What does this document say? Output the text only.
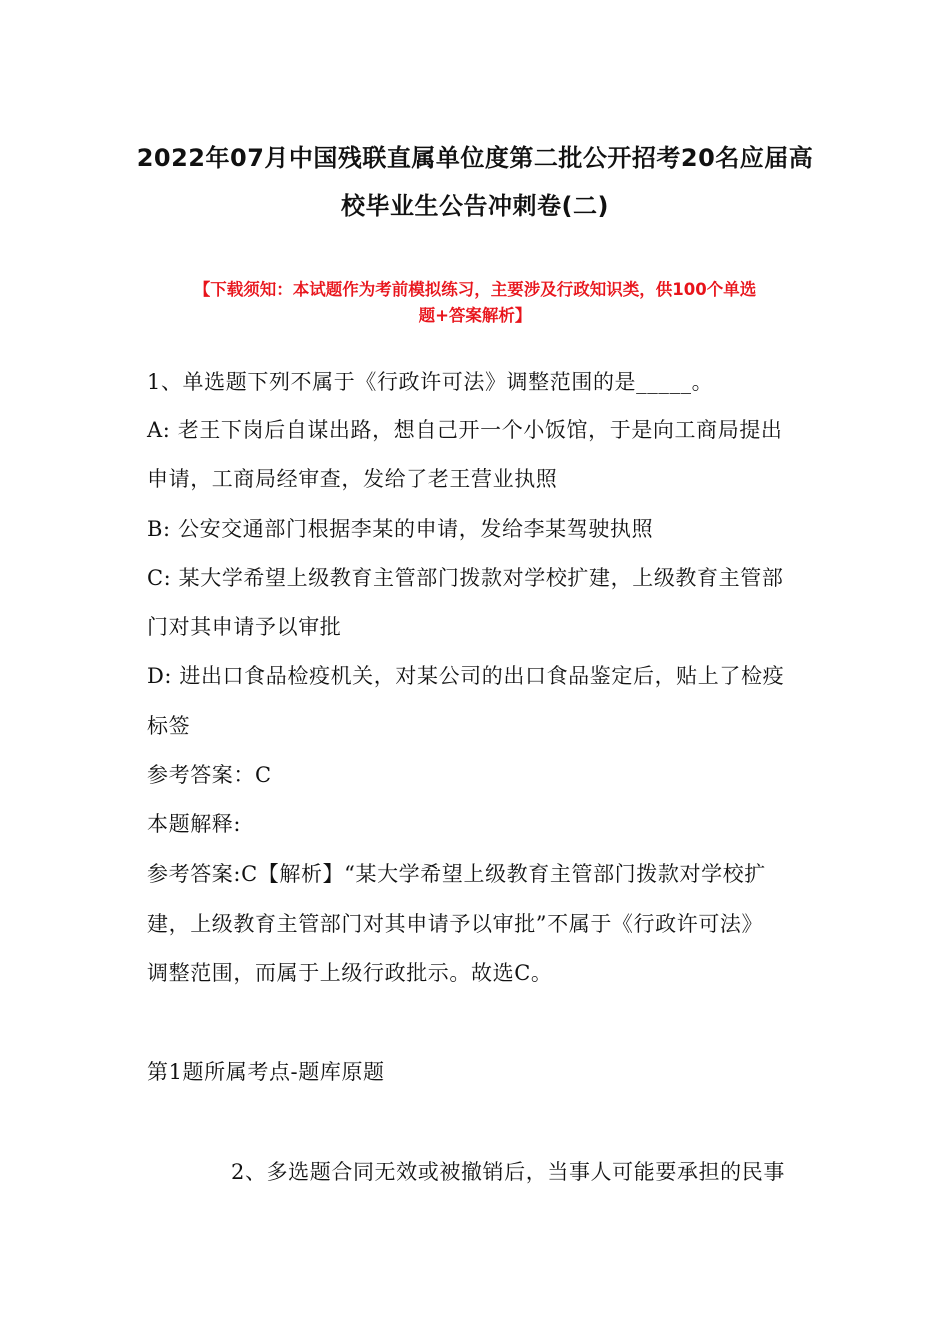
2022年07月中国残联直属单位度第二批公开招考20名应届高
校毕业生公告冲刺卷(二)
【下载须知：本试题作为考前模拟练习，主要涉及行政知识类，供100个单选
题+答案解析】
1、单选题下列不属于《行政许可法》调整范围的是_____。
A: 老王下岗后自谋出路，想自己开一个小饭馆，于是向工商局提出
申请，工商局经审查，发给了老王营业执照
B: 公安交通部门根据李某的申请，发给李某驾驶执照
C: 某大学希望上级教育主管部门拨款对学校扩建，上级教育主管部
门对其申请予以审批
D: 进出口食品检疫机关，对某公司的出口食品鉴定后，贴上了检疫
标签
参考答案：C
本题解释:
参考答案:C【解析】“某大学希望上级教育主管部门拨款对学校扩
建，上级教育主管部门对其申请予以审批”不属于《行政许可法》
调整范围，而属于上级行政批示。故选C。
第1题所属考点-题库原题
2、多选题合同无效或被撤销后，当事人可能要承担的民事
